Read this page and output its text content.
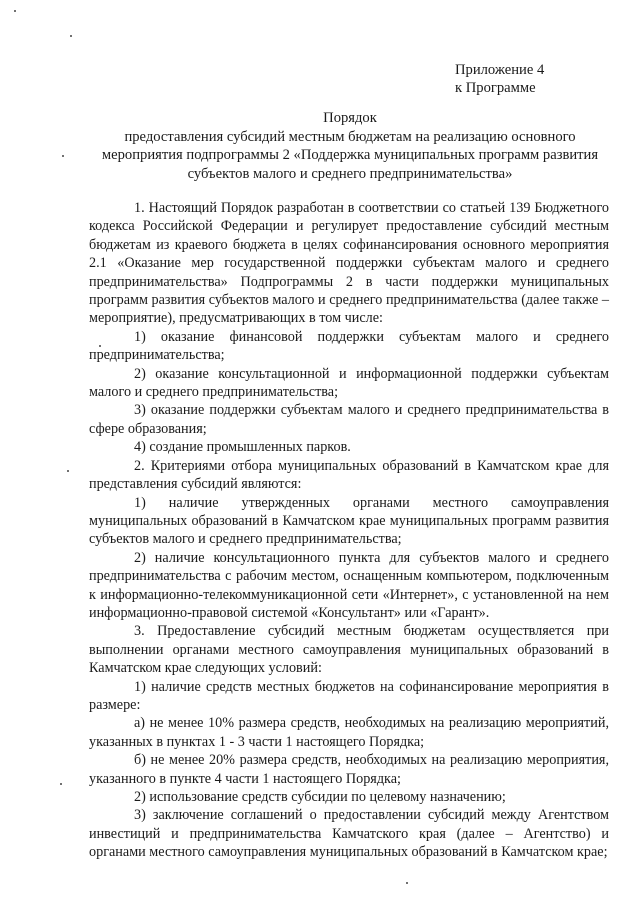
Приложение 4
к Программе
Порядок
предоставления субсидий местным бюджетам на реализацию основного
мероприятия подпрограммы 2 «Поддержка муниципальных программ развития
субъектов малого и среднего предпринимательства»

1. Настоящий Порядок разработан в соответствии со статьей 139 Бюджетного кодекса Российской Федерации и регулирует предоставление субсидий местным бюджетам из краевого бюджета в целях софинансирования основного мероприятия 2.1 «Оказание мер государственной поддержки субъектам малого и среднего предпринимательства» Подпрограммы 2 в части поддержки муниципальных программ развития субъектов малого и среднего предпринимательства (далее также – мероприятие), предусматривающих в том числе:

1) оказание финансовой поддержки субъектам малого и среднего предпринимательства;

2) оказание консультационной и информационной поддержки субъектам малого и среднего предпринимательства;

3) оказание поддержки субъектам малого и среднего предпринимательства в сфере образования;

4) создание промышленных парков.

2. Критериями отбора муниципальных образований в Камчатском крае для представления субсидий являются:

1) наличие утвержденных органами местного самоуправления муниципальных образований в Камчатском крае муниципальных программ развития субъектов малого и среднего предпринимательства;

2) наличие консультационного пункта для субъектов малого и среднего предпринимательства с рабочим местом, оснащенным компьютером, подключенным к информационно-телекоммуникационной сети «Интернет», с установленной на нем информационно-правовой системой «Консультант» или «Гарант».

3. Предоставление субсидий местным бюджетам осуществляется при выполнении органами местного самоуправления муниципальных образований в Камчатском крае следующих условий:

1) наличие средств местных бюджетов на софинансирование мероприятия в размере:

а) не менее 10% размера средств, необходимых на реализацию мероприятий, указанных в пунктах 1 - 3 части 1 настоящего Порядка;

б) не менее 20% размера средств, необходимых на реализацию мероприятия, указанного в пункте 4 части 1 настоящего Порядка;

2) использование средств субсидии по целевому назначению;

3) заключение соглашений о предоставлении субсидий между Агентством инвестиций и предпринимательства Камчатского края (далее – Агентство) и органами местного самоуправления муниципальных образований в Камчатском крае;
